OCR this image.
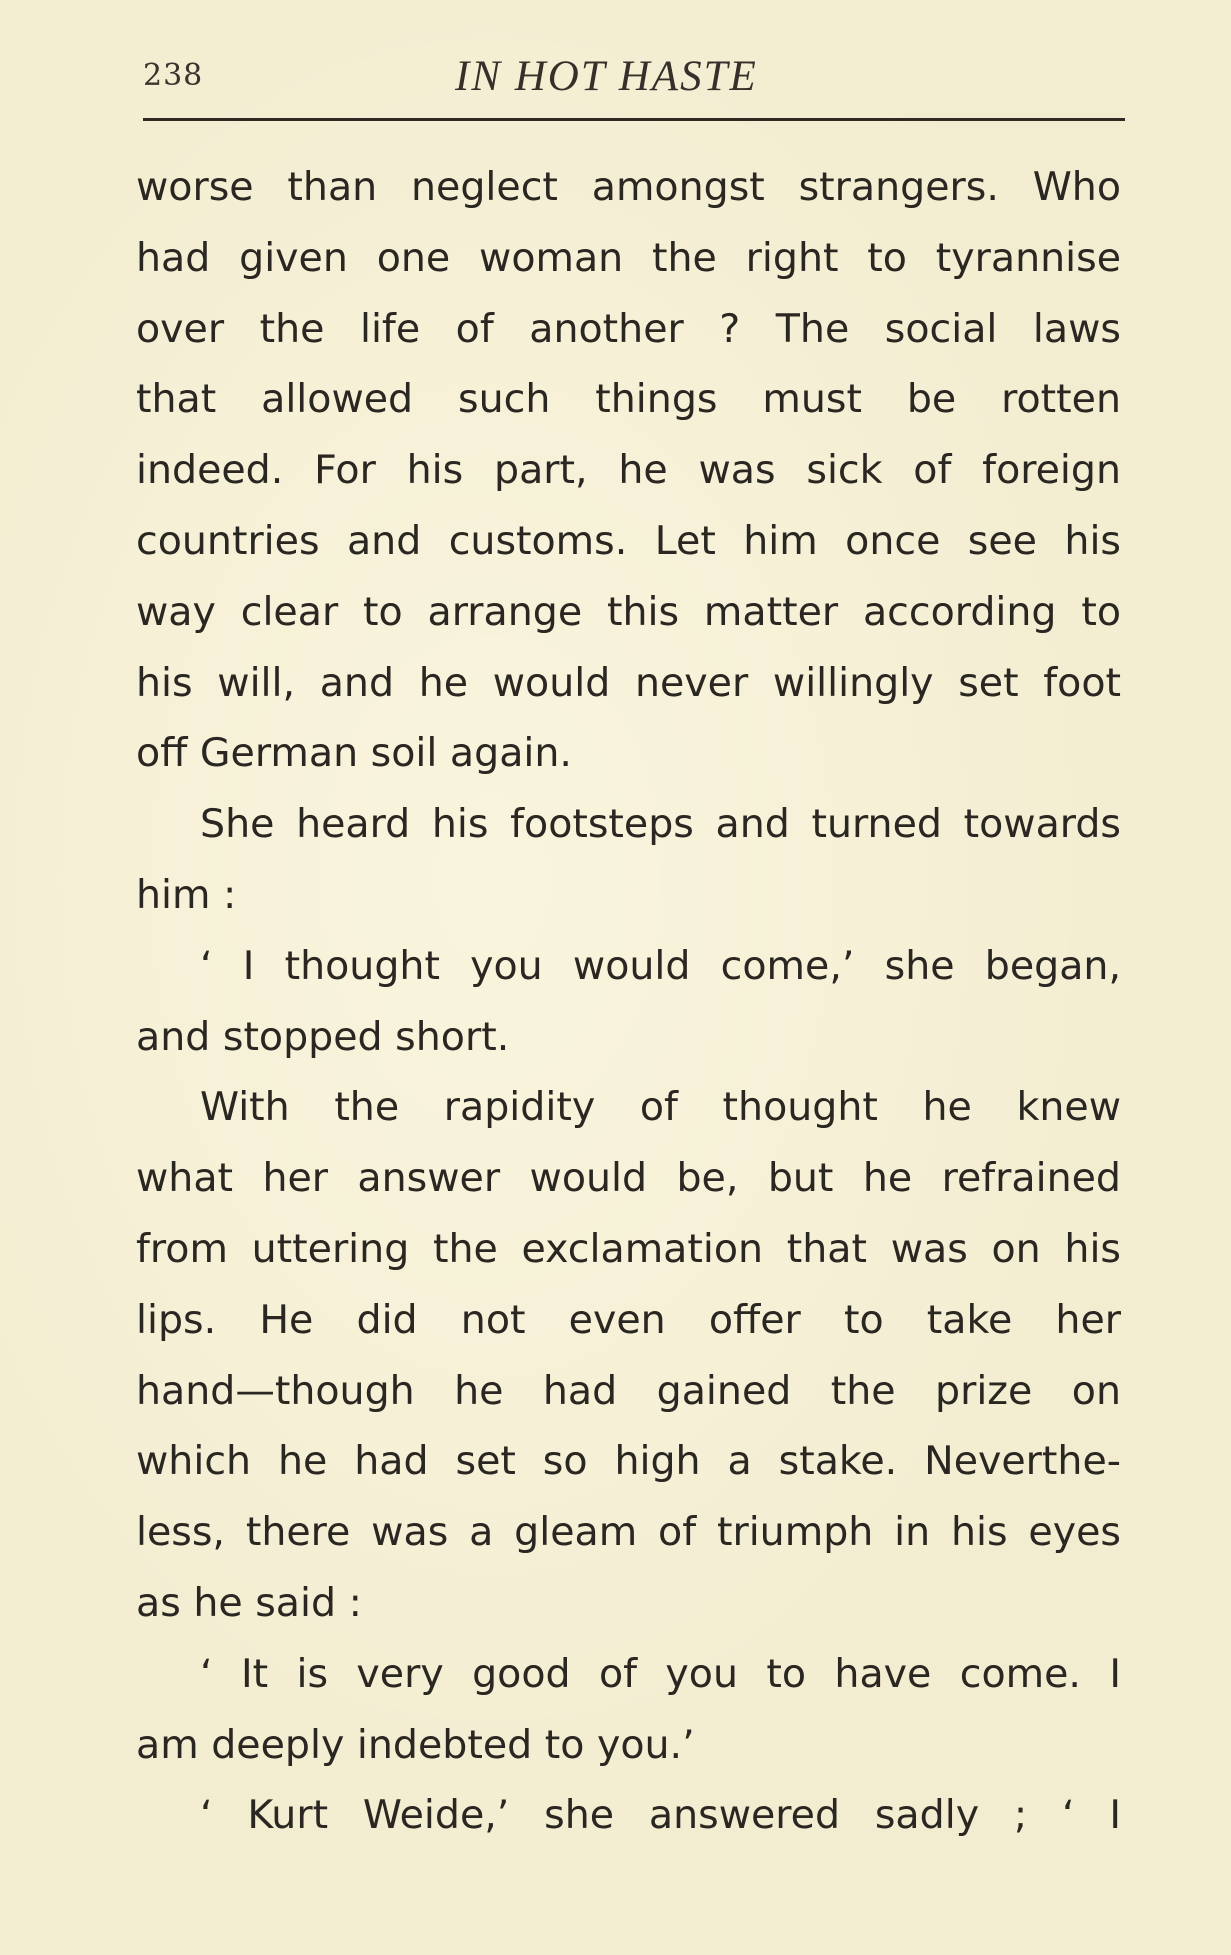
238	IN HOT HASTE
worse than neglect amongst strangers. Who
had given one woman the right to tyrannise
over the life of another ? The social laws
that allowed such things must be rotten
indeed. For his part, he was sick of foreign
countries and customs. Let him once see his
way clear to arrange this matter according to
his will, and he would never willingly set foot
off German soil again.
She heard his footsteps and turned towards
him :
‘ I thought you would come,’ she began,
and stopped short.
With the rapidity of thought he knew
what her answer would be, but he refrained
from uttering the exclamation that was on his
lips. He did not even offer to take her
hand—though he had gained the prize on
which he had set so high a stake. Neverthe-
less, there was a gleam of triumph in his eyes
as he said :
‘ It is very good of you to have come. I
am deeply indebted to you.’
‘ Kurt Weide,’ she answered sadly ; ‘ I
